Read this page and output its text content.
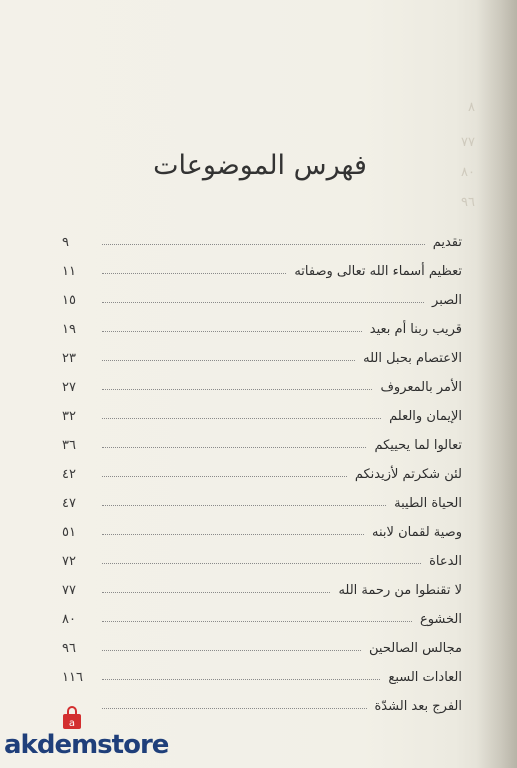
٨
٧٧
٨٠
٩٦
فهرس الموضوعات
تقديم
٩
تعظيم أسماء الله تعالى وصفاته
١١
الصبر
١٥
قريب ربنا أم بعيد
١٩
الاعتصام بحبل الله
٢٣
الأمر بالمعروف
٢٧
الإيمان والعلم
٣٢
تعالوا لما يحييكم
٣٦
لئن شكرتم لأزيدنكم
٤٢
الحياة الطيبة
٤٧
وصية لقمان لابنه
٥١
الدعاة
٧٢
لا تقنطوا من رحمة الله
٧٧
الخشوع
٨٠
مجالس الصالحين
٩٦
العادات السبع
١١٦
الفرج بعد الشدّة
a
akdemstore
